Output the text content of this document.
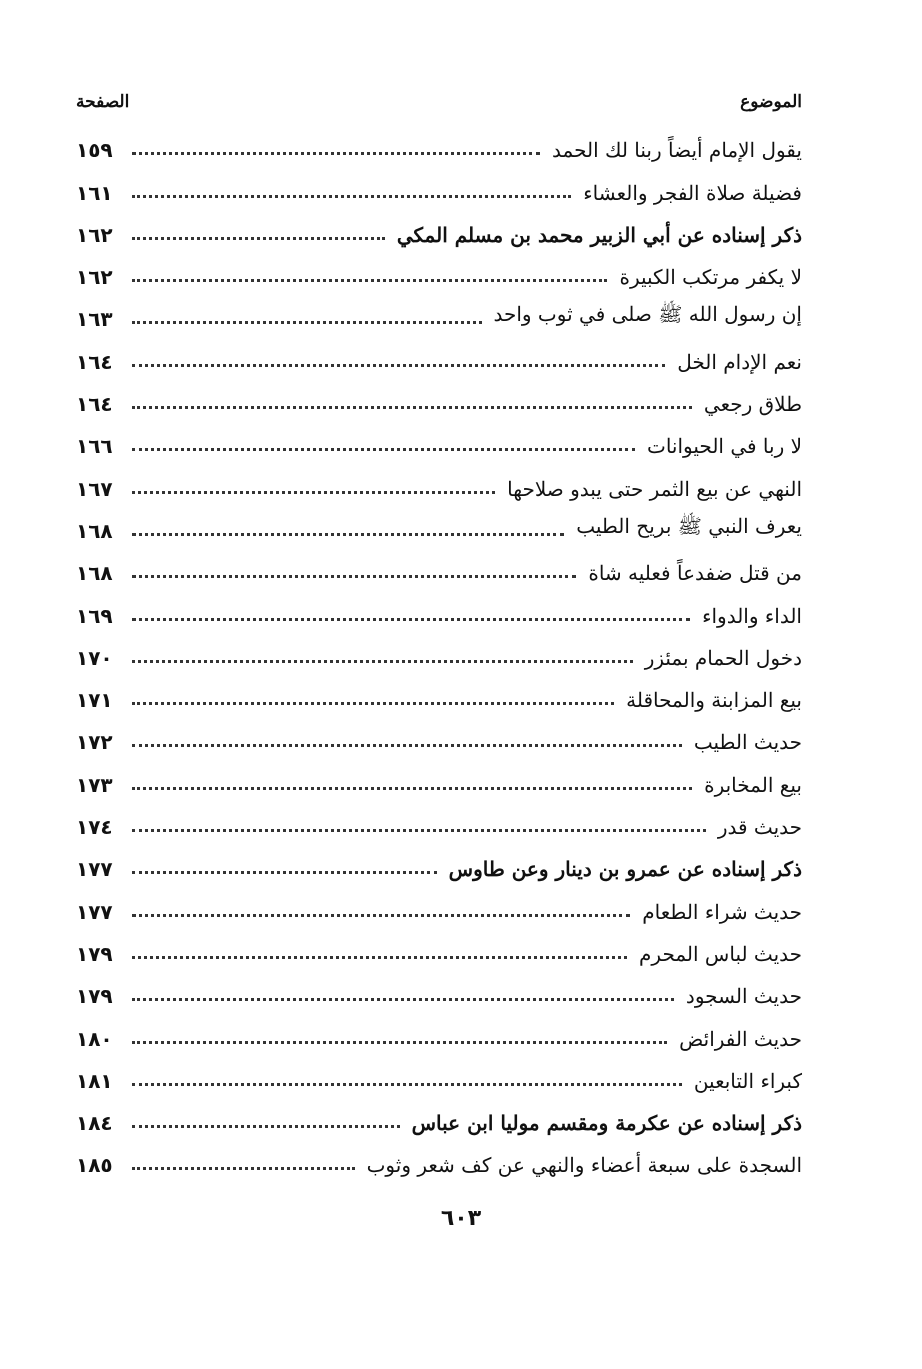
الموضوع
الصفحة
يقول الإمام أيضاً ربنا لك الحمد
١٥٩
فضيلة صلاة الفجر والعشاء
١٦١
ذكر إسناده عن أبي الزبير محمد بن مسلم المكي
١٦٢
لا يكفر مرتكب الكبيرة
١٦٢
إن رسول الله ﷺ صلى في ثوب واحد
١٦٣
نعم الإدام الخل
١٦٤
طلاق رجعي
١٦٤
لا ربا في الحيوانات
١٦٦
النهي عن بيع الثمر حتى يبدو صلاحها
١٦٧
يعرف النبي ﷺ بريح الطيب
١٦٨
من قتل ضفدعاً فعليه شاة
١٦٨
الداء والدواء
١٦٩
دخول الحمام بمئزر
١٧٠
بيع المزابنة والمحاقلة
١٧١
حديث الطيب
١٧٢
بيع المخابرة
١٧٣
حديث قدر
١٧٤
ذكر إسناده عن عمرو بن دينار وعن طاوس
١٧٧
حديث شراء الطعام
١٧٧
حديث لباس المحرم
١٧٩
حديث السجود
١٧٩
حديث الفرائض
١٨٠
كبراء التابعين
١٨١
ذكر إسناده عن عكرمة ومقسم موليا ابن عباس
١٨٤
السجدة على سبعة أعضاء والنهي عن كف شعر وثوب
١٨٥
٦٠٣
